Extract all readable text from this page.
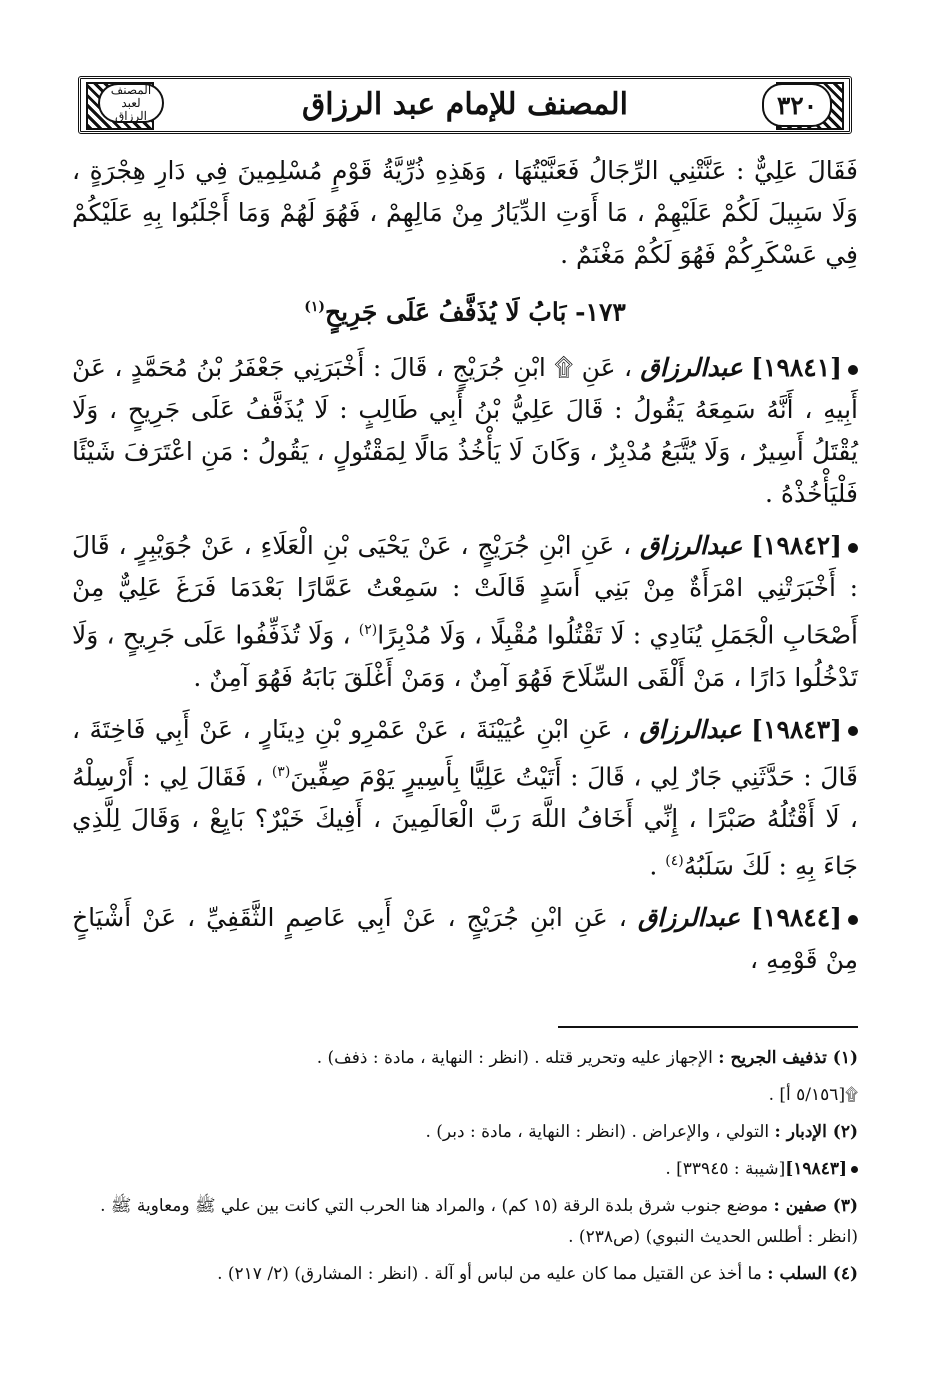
المصنف لعبد الرزاق	٣٢٠
المصنف للإمام عبد الرزاق

فَقَالَ عَلِيٌّ : عَنَّتْنِي الرِّجَالُ فَعَنَّيْتُهَا ، وَهَذِهِ ذُرِّيَّةُ قَوْمٍ مُسْلِمِينَ فِي دَارِ هِجْرَةٍ ، وَلَا سَبِيلَ لَكُمْ عَلَيْهِمْ ، مَا أَوَتِ الدِّيَارُ مِنْ مَالِهِمْ ، فَهُوَ لَهُمْ وَمَا أَجْلَبُوا بِهِ عَلَيْكُمْ فِي عَسْكَرِكُمْ فَهُوَ لَكُمْ مَغْنَمٌ .

١٧٣- بَابُ لَا يُذَفَّفُ عَلَى جَرِيحٍ$^{(١)}$

[١٩٨٤١] عبدالرزاق ، عَنِ ۩ ابْنِ جُرَيْجٍ ، قَالَ : أَخْبَرَنِي جَعْفَرُ بْنُ مُحَمَّدٍ ، عَنْ أَبِيهِ ، أَنَّهُ سَمِعَهُ يَقُولُ : قَالَ عَلِيُّ بْنُ أَبِي طَالِبٍ : لَا يُذَفَّفُ عَلَى جَرِيحٍ ، وَلَا يُقْتَلُ أَسِيرٌ ، وَلَا يُتَّبَعُ مُدْبِرٌ ، وَكَانَ لَا يَأْخُذُ مَالًا لِمَقْتُولٍ ، يَقُولُ : مَنِ اعْتَرَفَ شَيْئًا فَلْيَأْخُذْهُ .

[١٩٨٤٢] عبدالرزاق ، عَنِ ابْنِ جُرَيْجٍ ، عَنْ يَحْيَى بْنِ الْعَلَاءِ ، عَنْ جُوَيْبِرٍ ، قَالَ : أَخْبَرَتْنِي امْرَأَةٌ مِنْ بَنِي أَسَدٍ قَالَتْ : سَمِعْتُ عَمَّارًا بَعْدَمَا فَرَغَ عَلِيٌّ مِنْ أَصْحَابِ الْجَمَلِ يُنَادِي : لَا تَقْتُلُوا مُقْبِلًا ، وَلَا مُدْبِرًا$^{(٢)}$ ، وَلَا تُذَفِّفُوا عَلَى جَرِيحٍ ، وَلَا تَدْخُلُوا دَارًا ، مَنْ أَلْقَى السِّلَاحَ فَهُوَ آمِنٌ ، وَمَنْ أَغْلَقَ بَابَهُ فَهُوَ آمِنٌ .

[١٩٨٤٣] عبدالرزاق ، عَنِ ابْنِ عُيَيْنَةَ ، عَنْ عَمْرِو بْنِ دِينَارٍ ، عَنْ أَبِي فَاخِتَةَ ، قَالَ : حَدَّثَنِي جَارٌ لِي ، قَالَ : أَتَيْتُ عَلِيًّا بِأَسِيرٍ يَوْمَ صِفِّينَ$^{(٣)}$ ، فَقَالَ لِي : أَرْسِلْهُ ، لَا أَقْتُلُهُ صَبْرًا ، إِنِّي أَخَافُ اللَّهَ رَبَّ الْعَالَمِينَ ، أَفِيكَ خَيْرٌ؟ بَايِعْ ، وَقَالَ لِلَّذِي جَاءَ بِهِ : لَكَ سَلَبُهُ$^{(٤)}$ .

[١٩٨٤٤] عبدالرزاق ، عَنِ ابْنِ جُرَيْجٍ ، عَنْ أَبِي عَاصِمٍ الثَّقَفِيِّ ، عَنْ أَشْيَاخٍ مِنْ قَوْمِهِ ،

(١) تذفيف الجريح : الإجهاز عليه وتحرير قتله . (انظر : النهاية ، مادة : ذفف) .

۩[٥/١٥٦ أ] .

(٢) الإدبار : التولي ، والإعراض . (انظر : النهاية ، مادة : دبر) .

[١٩٨٤٣][شيبة : ٣٣٩٤٥] .

(٣) صفين : موضع جنوب شرق بلدة الرقة (١٥ كم) ، والمراد هنا الحرب التي كانت بين علي ﷺ ومعاوية ﷺ . (انظر : أطلس الحديث النبوي) (ص٢٣٨) .

(٤) السلب : ما أخذ عن القتيل مما كان عليه من لباس أو آلة . (انظر : المشارق) (٢/ ٢١٧) .
